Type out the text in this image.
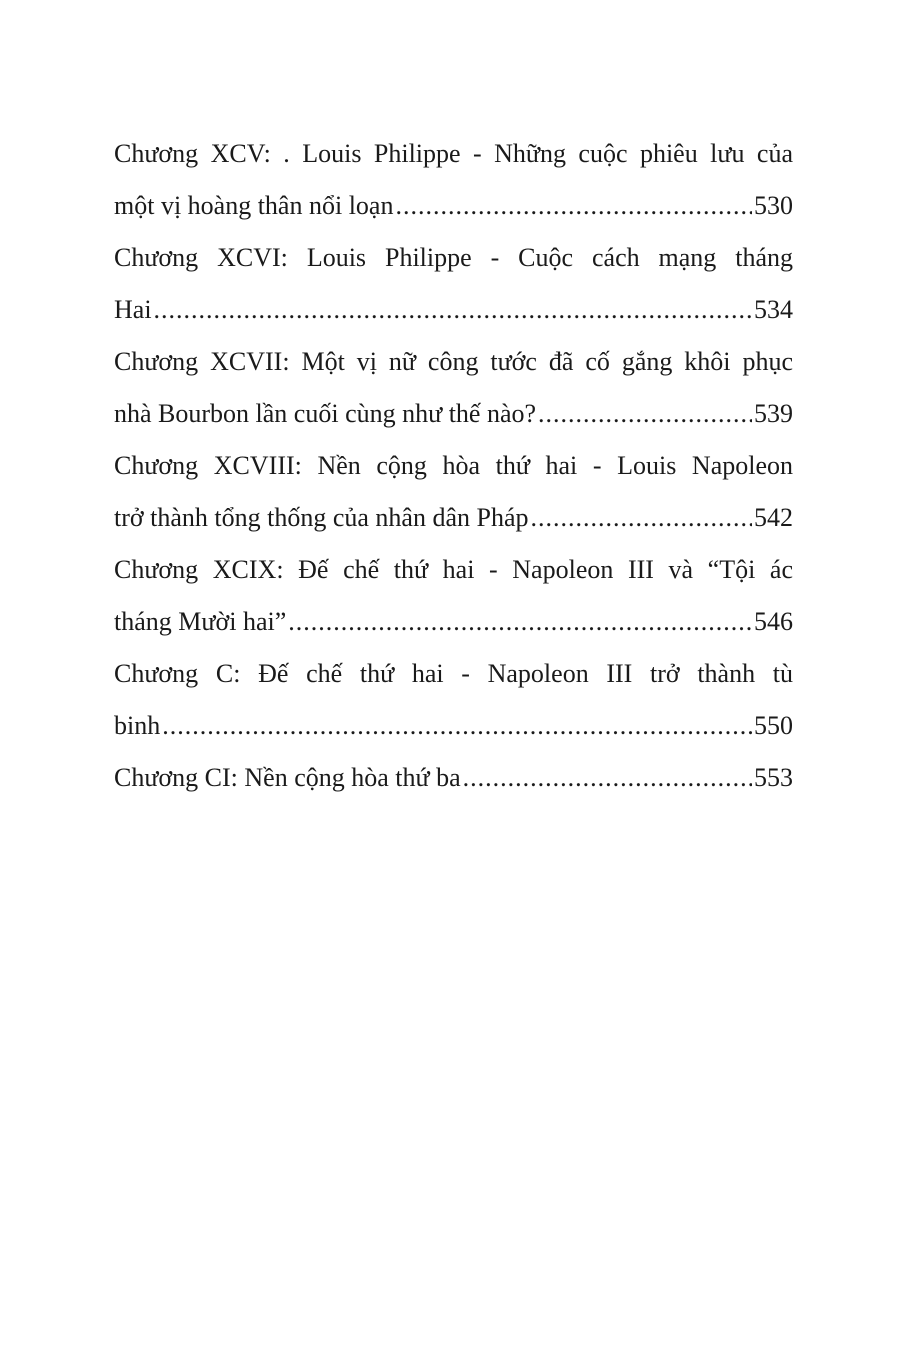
Chương XCV: . Louis Philippe - Những cuộc phiêu lưu của
một vị hoàng thân nổi loạn .....	530
Chương XCVI: Louis Philippe - Cuộc cách mạng tháng
Hai .....	534
Chương XCVII: Một vị nữ công tước đã cố gắng khôi phục
nhà Bourbon lần cuối cùng như thế nào? .....	539
Chương XCVIII: Nền cộng hòa thứ hai - Louis Napoleon
trở thành tổng thống của nhân dân Pháp .....	542
Chương XCIX: Đế chế thứ hai - Napoleon III và “Tội ác
tháng Mười hai” .....	546
Chương C: Đế chế thứ hai - Napoleon III trở thành tù
binh .....	550
Chương CI: Nền cộng hòa thứ ba .....	553
